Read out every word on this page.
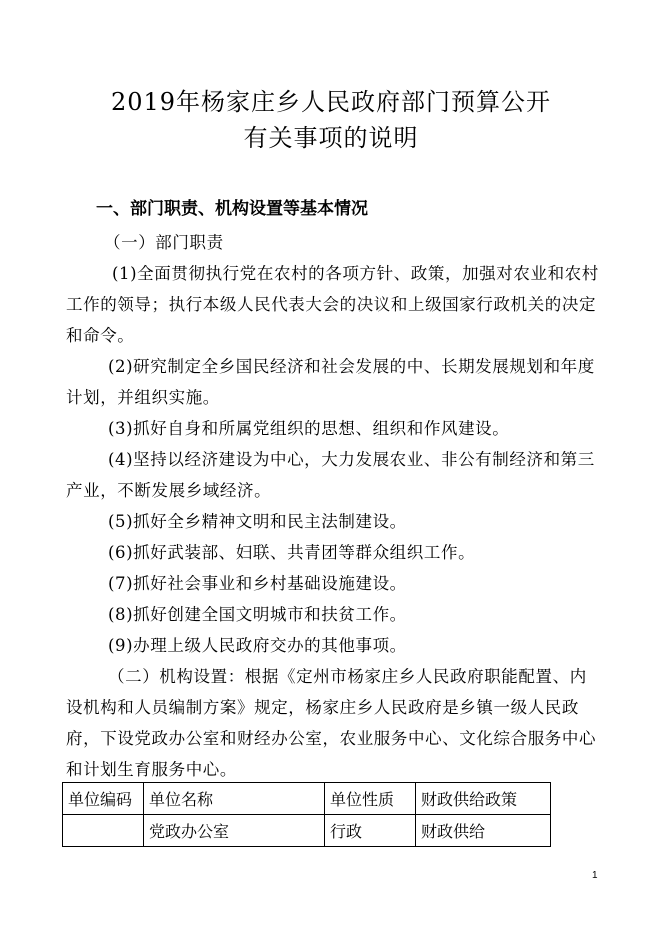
2019年杨家庄乡人民政府部门预算公开
有关事项的说明
一、部门职责、机构设置等基本情况

（一）部门职责

(1)全面贯彻执行党在农村的各项方针、政策，加强对农业和农村工作的领导；执行本级人民代表大会的决议和上级国家行政机关的决定和命令。

(2)研究制定全乡国民经济和社会发展的中、长期发展规划和年度计划，并组织实施。

(3)抓好自身和所属党组织的思想、组织和作风建设。

(4)坚持以经济建设为中心，大力发展农业、非公有制经济和第三产业，不断发展乡域经济。

(5)抓好全乡精神文明和民主法制建设。

(6)抓好武装部、妇联、共青团等群众组织工作。

(7)抓好社会事业和乡村基础设施建设。

(8)抓好创建全国文明城市和扶贫工作。

(9)办理上级人民政府交办的其他事项。

（二）机构设置：根据《定州市杨家庄乡人民政府职能配置、内设机构和人员编制方案》规定，杨家庄乡人民政府是乡镇一级人民政府，下设党政办公室和财经办公室，农业服务中心、文化综合服务中心和计划生育服务中心。

单位编码	单位名称	单位性质	财政供给政策
	党政办公室	行政	财政供给
1
